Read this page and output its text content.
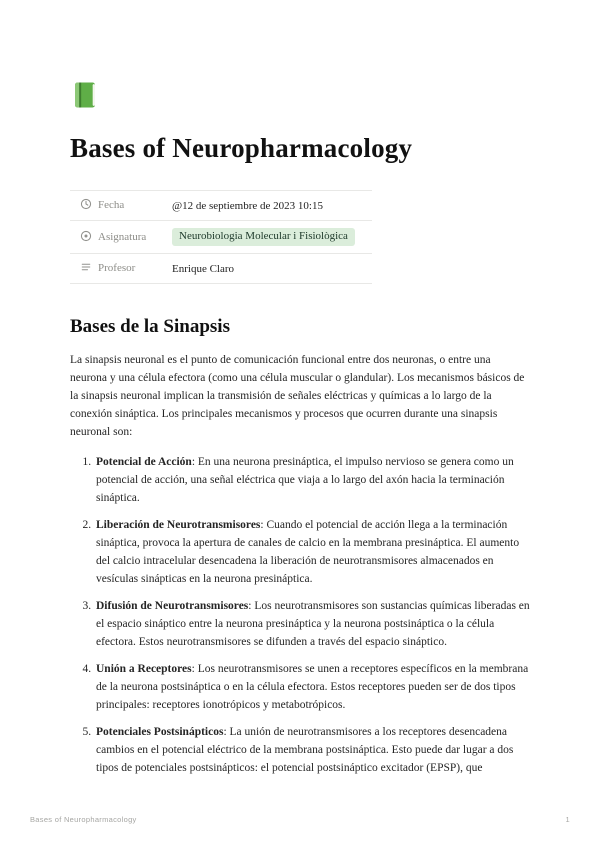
Bases of Neuropharmacology
Fecha	@12 de septiembre de 2023 10:15
Asignatura	Neurobiologia Molecular i Fisiològica
Profesor	Enrique Claro
Bases de la Sinapsis

La sinapsis neuronal es el punto de comunicación funcional entre dos neuronas, o entre una neurona y una célula efectora (como una célula muscular o glandular). Los mecanismos básicos de la sinapsis neuronal implican la transmisión de señales eléctricas y químicas a lo largo de la conexión sináptica. Los principales mecanismos y procesos que ocurren durante una sinapsis neuronal son:

1. Potencial de Acción: En una neurona presináptica, el impulso nervioso se genera como un potencial de acción, una señal eléctrica que viaja a lo largo del axón hacia la terminación sináptica.
2. Liberación de Neurotransmisores: Cuando el potencial de acción llega a la terminación sináptica, provoca la apertura de canales de calcio en la membrana presináptica. El aumento del calcio intracelular desencadena la liberación de neurotransmisores almacenados en vesículas sinápticas en la neurona presináptica.
3. Difusión de Neurotransmisores: Los neurotransmisores son sustancias químicas liberadas en el espacio sináptico entre la neurona presináptica y la neurona postsináptica o la célula efectora. Estos neurotransmisores se difunden a través del espacio sináptico.
4. Unión a Receptores: Los neurotransmisores se unen a receptores específicos en la membrana de la neurona postsináptica o en la célula efectora. Estos receptores pueden ser de dos tipos principales: receptores ionotrópicos y metabotrópicos.
5. Potenciales Postsinápticos: La unión de neurotransmisores a los receptores desencadena cambios en el potencial eléctrico de la membrana postsináptica. Esto puede dar lugar a dos tipos de potenciales postsinápticos: el potencial postsináptico excitador (EPSP), que
Bases of Neuropharmacology	1
